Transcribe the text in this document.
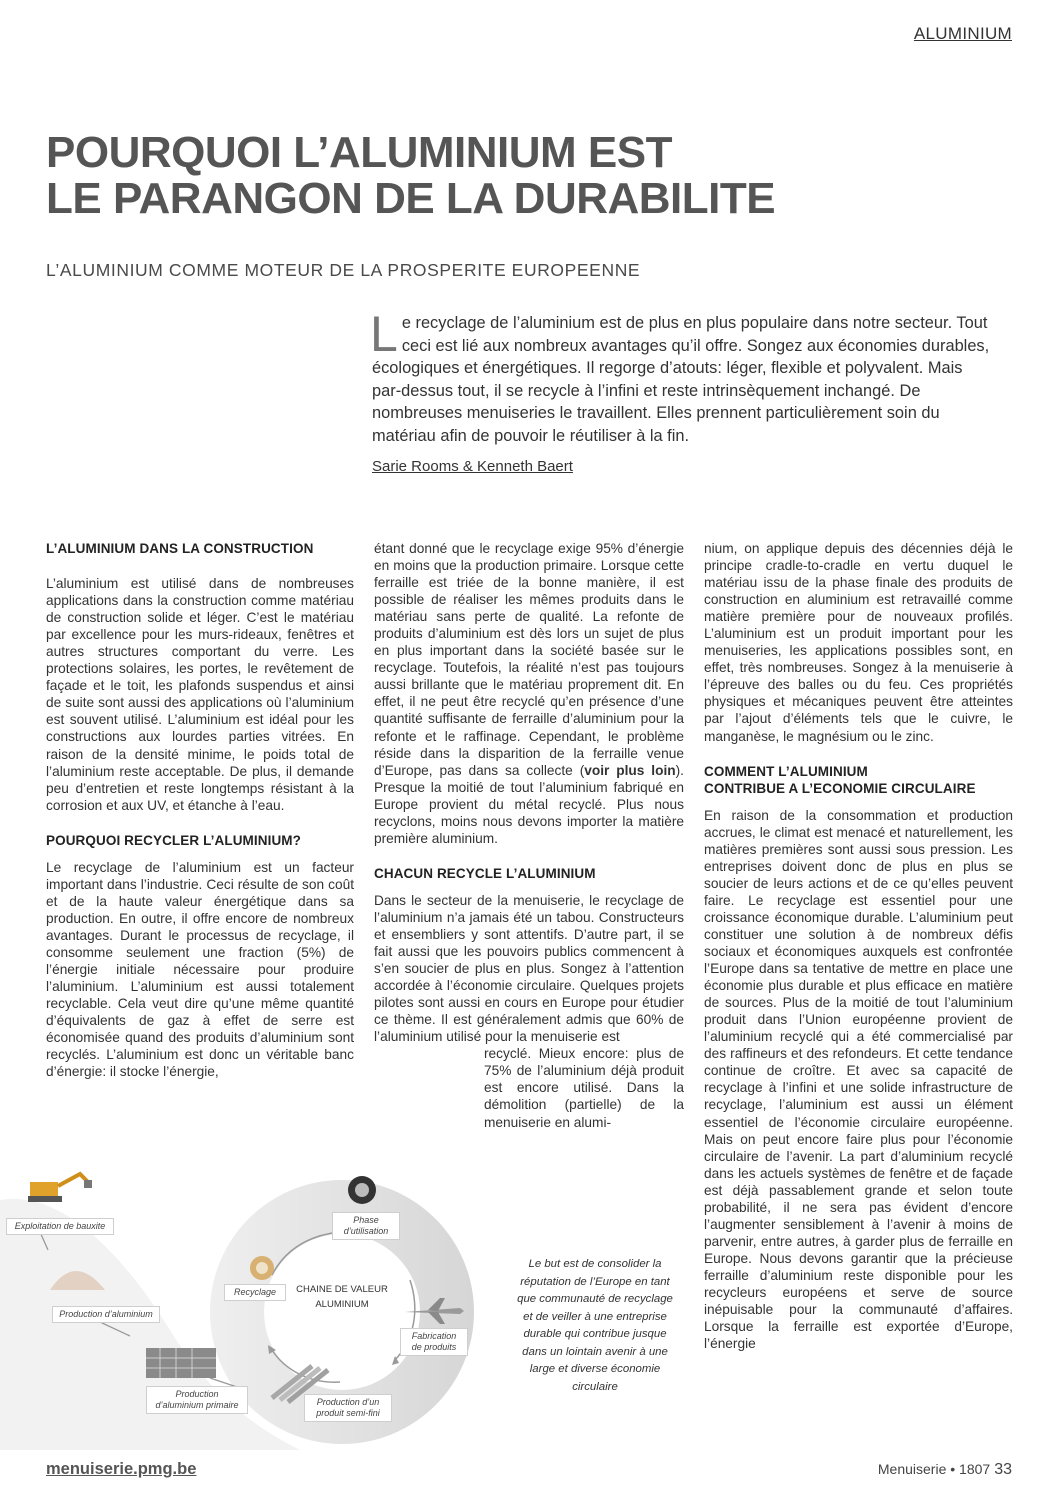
ALUMINIUM
POURQUOI L’ALUMINIUM EST
LE PARANGON DE LA DURABILITE
L’ALUMINIUM COMME MOTEUR DE LA PROSPERITE EUROPEENNE

Le recyclage de l’aluminium est de plus en plus populaire dans notre secteur. Tout ceci est lié aux nombreux avantages qu’il offre. Songez aux économies durables, écologiques et énergétiques. Il regorge d’atouts: léger, flexible et polyvalent. Mais par-dessus tout, il se recycle à l’infini et reste intrinsèquement inchangé. De nombreuses menuiseries le travaillent. Elles prennent particulièrement soin du matériau afin de pouvoir le réutiliser à la fin.

Sarie Rooms & Kenneth Baert
L’ALUMINIUM DANS LA CONSTRUCTION

L’aluminium est utilisé dans de nombreuses applications dans la construction comme matériau de construction solide et léger. C’est le matériau par excellence pour les murs-rideaux, fenêtres et autres structures comportant du verre. Les protections solaires, les portes, le revêtement de façade et le toit, les plafonds suspendus et ainsi de suite sont aussi des applications où l’aluminium est souvent utilisé. L’aluminium est idéal pour les constructions aux lourdes parties vitrées. En raison de la densité minime, le poids total de l’aluminium reste acceptable. De plus, il demande peu d’entretien et reste longtemps résistant à la corrosion et aux UV, et étanche à l’eau.

POURQUOI RECYCLER L’ALUMINIUM?

Le recyclage de l’aluminium est un facteur important dans l’industrie. Ceci résulte de son coût et de la haute valeur énergétique dans sa production. En outre, il offre encore de nombreux avantages. Durant le processus de recyclage, il consomme seulement une fraction (5%) de l’énergie initiale nécessaire pour produire l’aluminium. L’aluminium est aussi totalement recyclable. Cela veut dire qu’une même quantité d’équivalents de gaz à effet de serre est économisée quand des produits d’aluminium sont recyclés. L’aluminium est donc un véritable banc d’énergie: il stocke l’énergie,

étant donné que le recyclage exige 95% d’énergie en moins que la production primaire. Lorsque cette ferraille est triée de la bonne manière, il est possible de réaliser les mêmes produits dans le matériau sans perte de qualité. La refonte de produits d’aluminium est dès lors un sujet de plus en plus important dans la société basée sur le recyclage. Toutefois, la réalité n’est pas toujours aussi brillante que le matériau proprement dit. En effet, il ne peut être recyclé qu’en présence d’une quantité suffisante de ferraille d’aluminium pour la refonte et le raffinage. Cependant, le problème réside dans la disparition de la ferraille venue d’Europe, pas dans sa collecte (voir plus loin). Presque la moitié de tout l’aluminium fabriqué en Europe provient du métal recyclé. Plus nous recyclons, moins nous devons importer la matière première aluminium.

CHACUN RECYCLE L’ALUMINIUM

Dans le secteur de la menuiserie, le recyclage de l’aluminium n’a jamais été un tabou. Constructeurs et ensembliers y sont attentifs. D’autre part, il se fait aussi que les pouvoirs publics commencent à s’en soucier de plus en plus. Songez à l’attention accordée à l’économie circulaire. Quelques projets pilotes sont aussi en cours en Europe pour étudier ce thème. Il est généralement admis que 60% de l’aluminium utilisé pour la menuiserie est

recyclé. Mieux encore: plus de 75% de l’aluminium déjà produit est encore utilisé. Dans la démolition (partielle) de la menuiserie en alumi-

nium, on applique depuis des décennies déjà le principe cradle-to-cradle en vertu duquel le matériau issu de la phase finale des produits de construction en aluminium est retravaillé comme matière première pour de nouveaux profilés. L’aluminium est un produit important pour les menuiseries, les applications possibles sont, en effet, très nombreuses. Songez à la menuiserie à l’épreuve des balles ou du feu. Ces propriétés physiques et mécaniques peuvent être atteintes par l’ajout d’éléments tels que le cuivre, le manganèse, le magnésium ou le zinc.

COMMENT L’ALUMINIUM
CONTRIBUE A L’ECONOMIE CIRCULAIRE

En raison de la consommation et production accrues, le climat est menacé et naturellement, les matières premières sont aussi sous pression. Les entreprises doivent donc de plus en plus se soucier de leurs actions et de ce qu’elles peuvent faire. Le recyclage est essentiel pour une croissance économique durable. L’aluminium peut constituer une solution à de nombreux défis sociaux et économiques auxquels est confrontée l’Europe dans sa tentative de mettre en place une économie plus durable et plus efficace en matière de sources. Plus de la moitié de tout l’aluminium produit dans l’Union européenne provient de l’aluminium recyclé qui a été commercialisé par des raffineurs et des refondeurs. Et cette tendance continue de croître. Et avec sa capacité de recyclage à l’infini et une solide infrastructure de recyclage, l’aluminium est aussi un élément essentiel de l’économie circulaire européenne. Mais on peut encore faire plus pour l’économie circulaire de l’avenir. La part d’aluminium recyclé dans les actuels systèmes de fenêtre et de façade est déjà passablement grande et selon toute probabilité, il ne sera pas évident d’encore l’augmenter sensiblement à l’avenir à moins de parvenir, entre autres, à garder plus de ferraille en Europe. Nous devons garantir que la précieuse ferraille d’aluminium reste disponible pour les recycleurs européens et serve de source inépuisable pour la communauté d’affaires. Lorsque la ferraille est exportée d’Europe, l’énergie

Le but est de consolider la réputation de l’Europe en tant que communauté de recyclage et de veiller à une entreprise durable qui contribue jusque dans un lointain avenir à une large et diverse économie circulaire

Exploitation de bauxite
Production d’aluminium
Production
d’aluminium primaire	Production d’un
produit semi-fini
Fabrication
de produits
Phase
d’utilisation
Recyclage	CHAINE DE VALEUR
ALUMINIUM
menuiserie.pmg.be	Menuiserie • 1807 33
